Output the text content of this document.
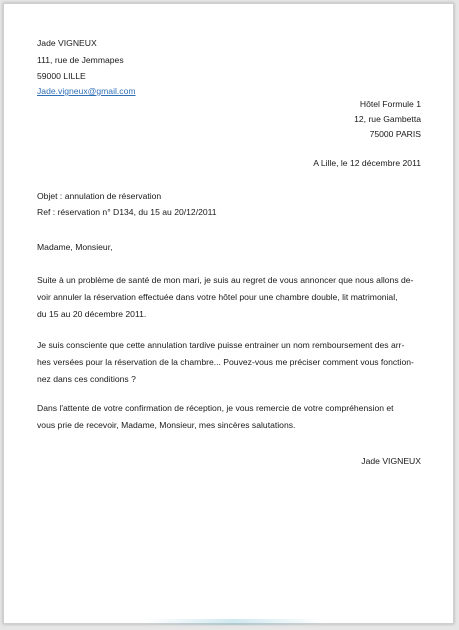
Jade VIGNEUX
111, rue de Jemmapes
59000 LILLE
Jade.vigneux@gmail.com
Hôtel Formule 1
12, rue Gambetta
75000 PARIS
A Lille, le 12 décembre 2011
Objet : annulation de réservation
Ref : réservation n° D134, du 15 au 20/12/2011
Madame, Monsieur,
Suite à un problème de santé de mon mari, je suis au regret de vous annoncer que nous allons de-
voir annuler la réservation effectuée dans votre hôtel pour une chambre double, lit matrimonial,
du 15 au 20 décembre 2011.
Je suis consciente que cette annulation tardive puisse entrainer un nom remboursement des arr-
hes versées pour la réservation de la chambre... Pouvez-vous me préciser comment vous fonction-
nez dans ces conditions ?
Dans l'attente de votre confirmation de réception, je vous remercie de votre compréhension et
vous prie de recevoir, Madame, Monsieur, mes sincères salutations.
Jade VIGNEUX
